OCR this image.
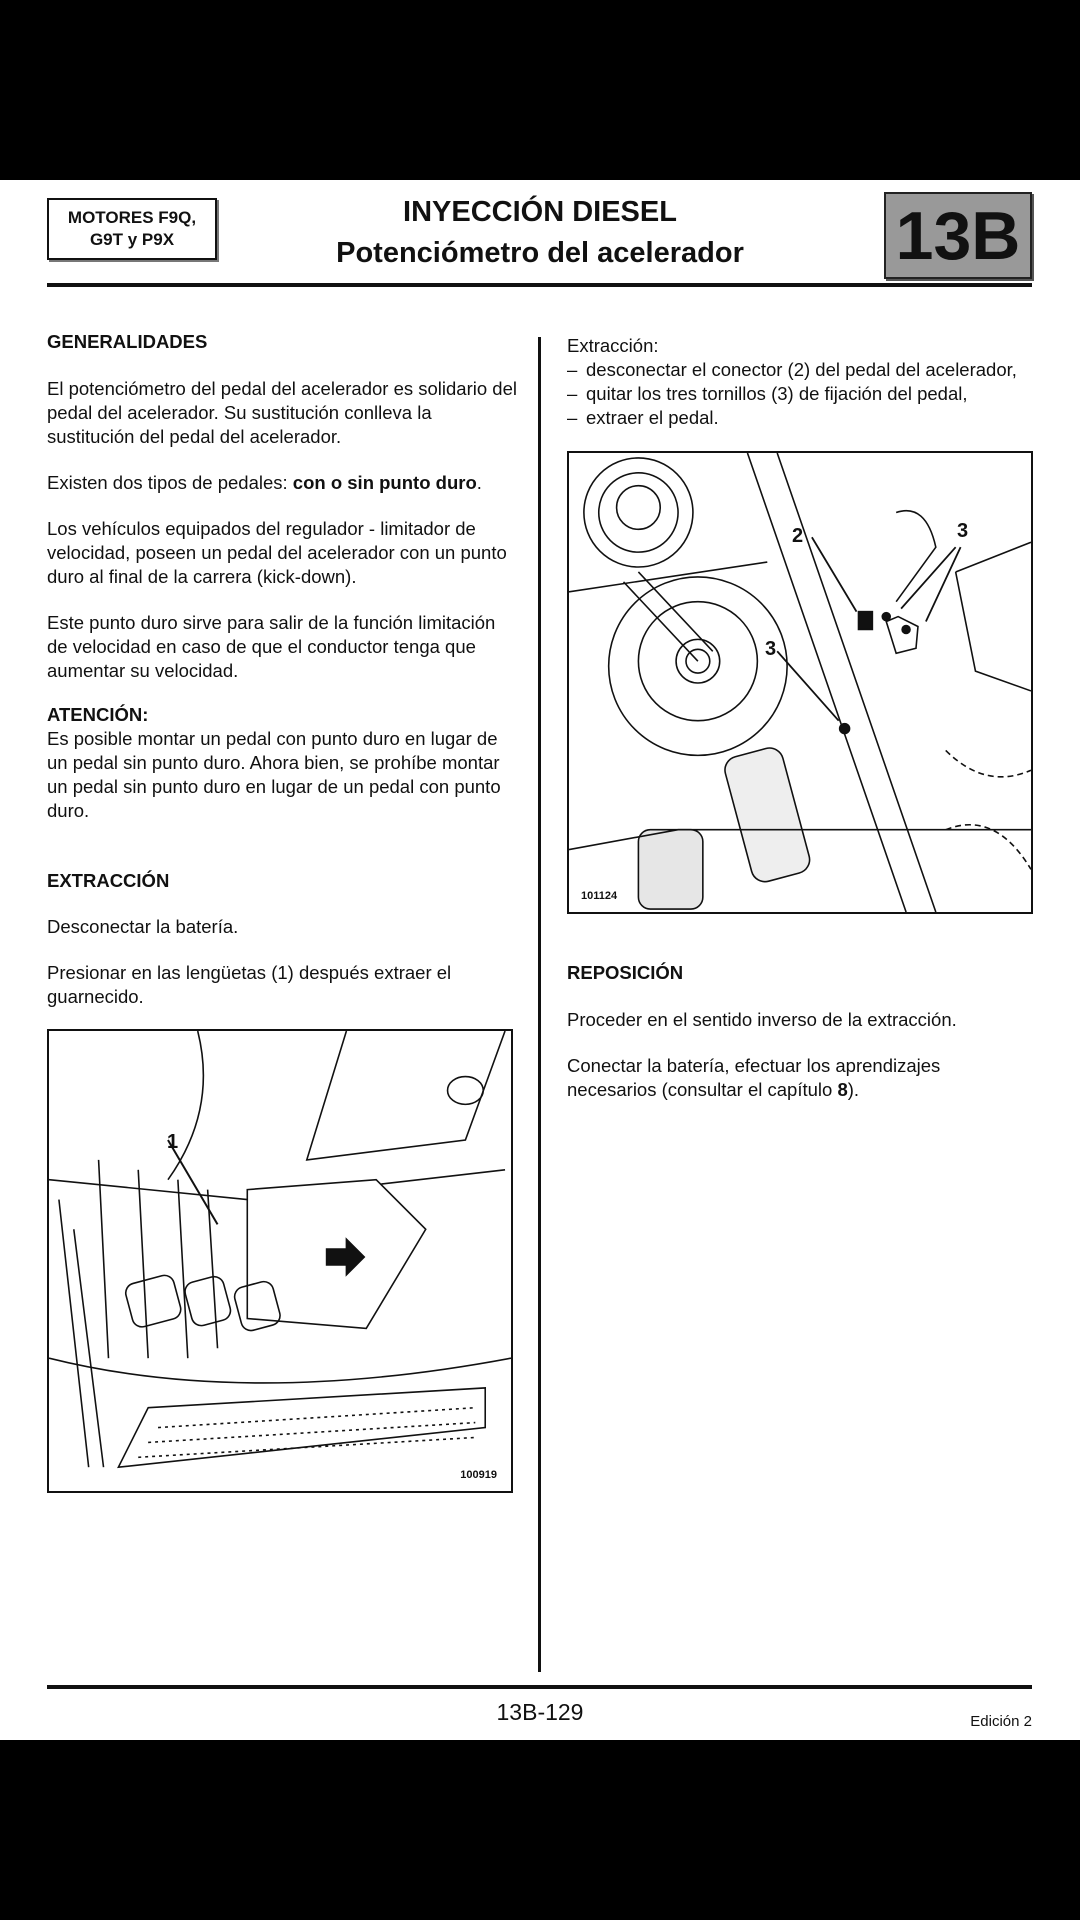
MOTORES F9Q,
G9T y P9X
INYECCIÓN DIESEL
Potenciómetro del acelerador	13B
GENERALIDADES

El potenciómetro del pedal del acelerador es solidario del pedal del acelerador. Su sustitución conlleva la sustitución del pedal del acelerador.

Existen dos tipos de pedales: con o sin punto duro.

Los vehículos equipados del regulador - limitador de velocidad, poseen un pedal del acelerador con un punto duro al final de la carrera (kick-down).

Este punto duro sirve para salir de la función limitación de velocidad en caso de que el conductor tenga que aumentar su velocidad.

ATENCIÓN:

Es posible montar un pedal con punto duro en lugar de un pedal sin punto duro. Ahora bien, se prohíbe montar un pedal sin punto duro en lugar de un pedal con punto duro.

EXTRACCIÓN

Desconectar la batería.

Presionar en las lengüetas (1) después extraer el guarnecido.

1
100919
Extracción:
– desconectar el conector (2) del pedal del acelerador,
– quitar los tres tornillos (3) de fijación del pedal,
– extraer el pedal.
2	3
3
101124
REPOSICIÓN

Proceder en el sentido inverso de la extracción.

Conectar la batería, efectuar los aprendizajes necesarios (consultar el capítulo 8).

13B-129	Edición 2
